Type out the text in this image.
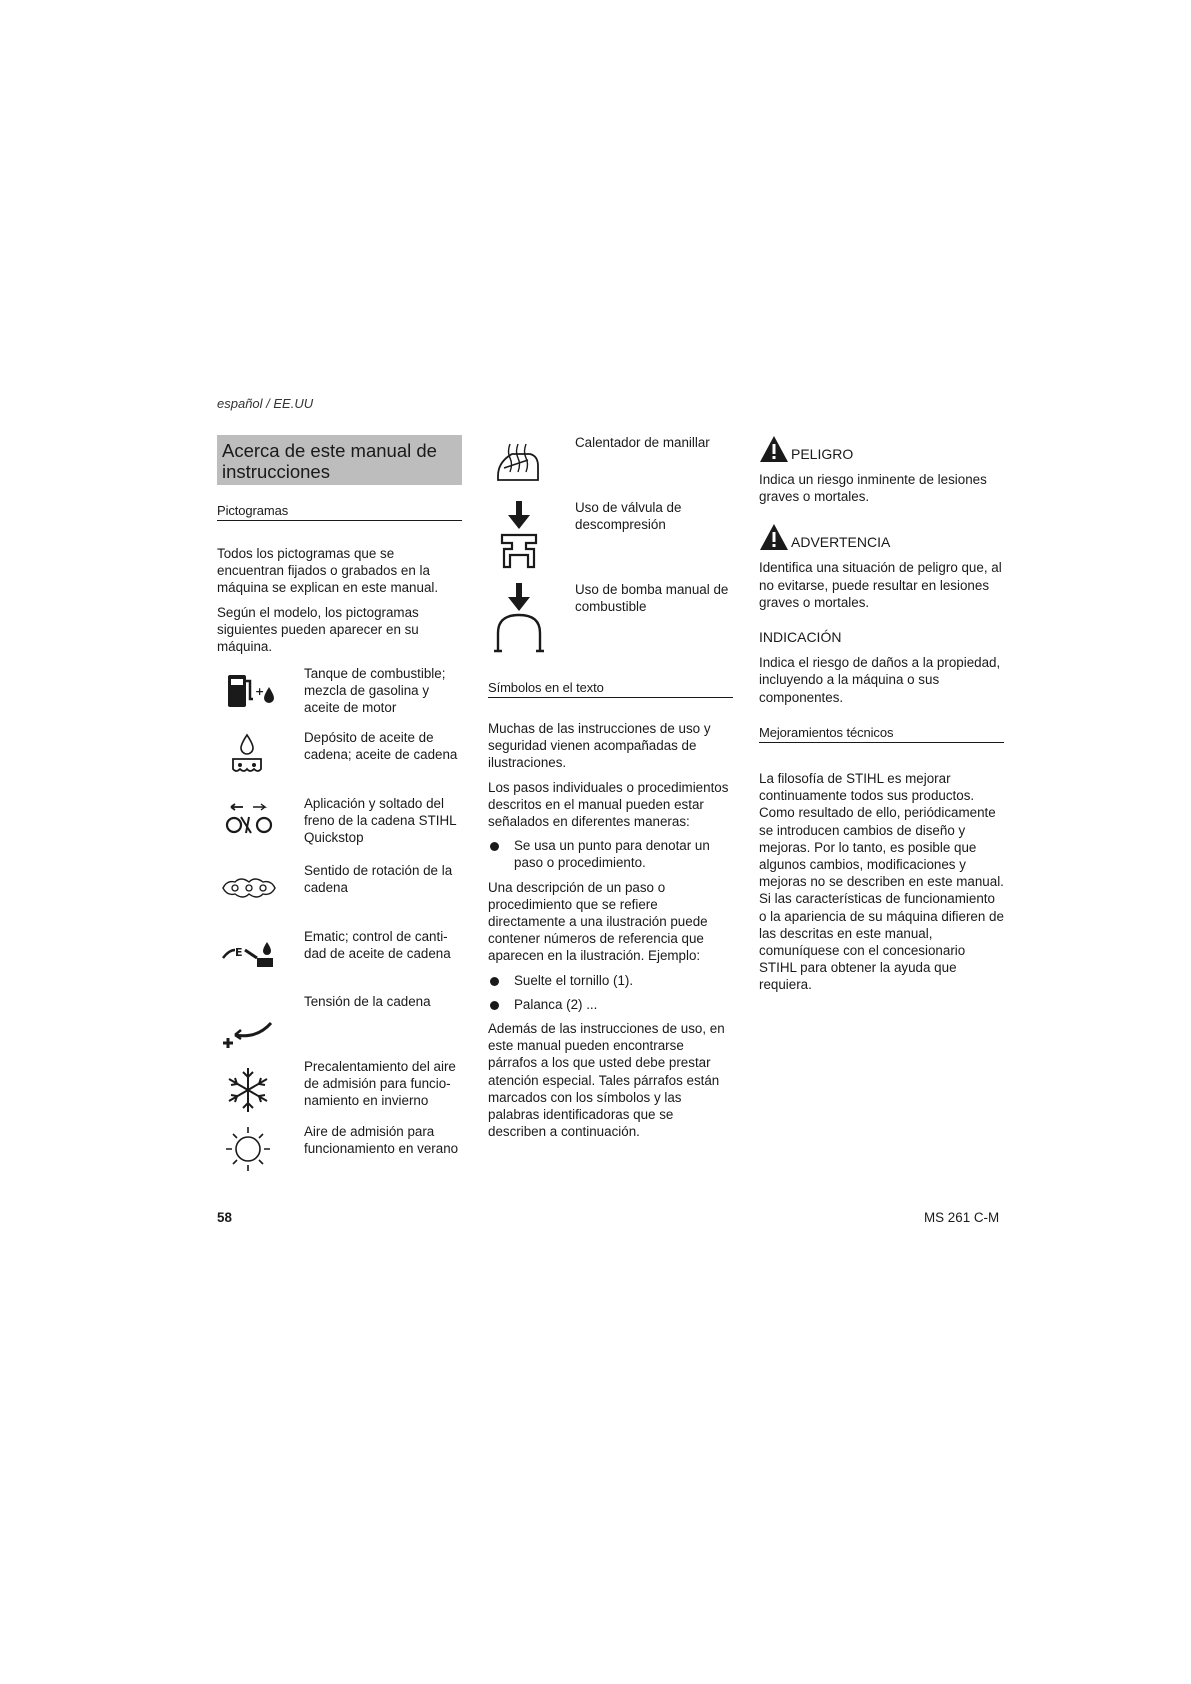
español / EE.UU
Acerca de este manual de instrucciones
Pictogramas

Todos los pictogramas que se encuentran fijados o grabados en la máquina se explican en este manual.

Según el modelo, los pictogramas siguientes pueden aparecer en su máquina.

+
Tanque de combustible; mezcla de gasolina y aceite de motor
Depósito de aceite de cadena; aceite de cadena
Aplicación y soltado del freno de la cadena STIHL Quickstop
Sentido de rotación de la cadena
E
Ematic; control de canti-dad de aceite de cadena
Tensión de la cadena
Precalentamiento del aire de admisión para funcio-namiento en invierno
Aire de admisión para funcionamiento en verano
Calentador de manillar
Uso de válvula de descompresión
Uso de bomba manual de combustible
Símbolos en el texto

Muchas de las instrucciones de uso y seguridad vienen acompañadas de ilustraciones.

Los pasos individuales o procedimientos descritos en el manual pueden estar señalados en diferentes maneras:

Se usa un punto para denotar un paso o procedimiento.

Una descripción de un paso o procedimiento que se refiere directamente a una ilustración puede contener números de referencia que aparecen en la ilustración. Ejemplo:

Suelte el tornillo (1).
Palanca (2) ...

Además de las instrucciones de uso, en este manual pueden encontrarse párrafos a los que usted debe prestar atención especial. Tales párrafos están marcados con los símbolos y las palabras identificadoras que se describen a continuación.

PELIGRO

Indica un riesgo inminente de lesiones graves o mortales.

ADVERTENCIA

Identifica una situación de peligro que, al no evitarse, puede resultar en lesiones graves o mortales.

INDICACIÓN

Indica el riesgo de daños a la propiedad, incluyendo a la máquina o sus componentes.

Mejoramientos técnicos

La filosofía de STIHL es mejorar continuamente todos sus productos. Como resultado de ello, periódicamente se introducen cambios de diseño y mejoras. Por lo tanto, es posible que algunos cambios, modificaciones y mejoras no se describen en este manual. Si las características de funcionamiento o la apariencia de su máquina difieren de las descritas en este manual, comuníquese con el concesionario STIHL para obtener la ayuda que requiera.

58	MS 261 C-M
